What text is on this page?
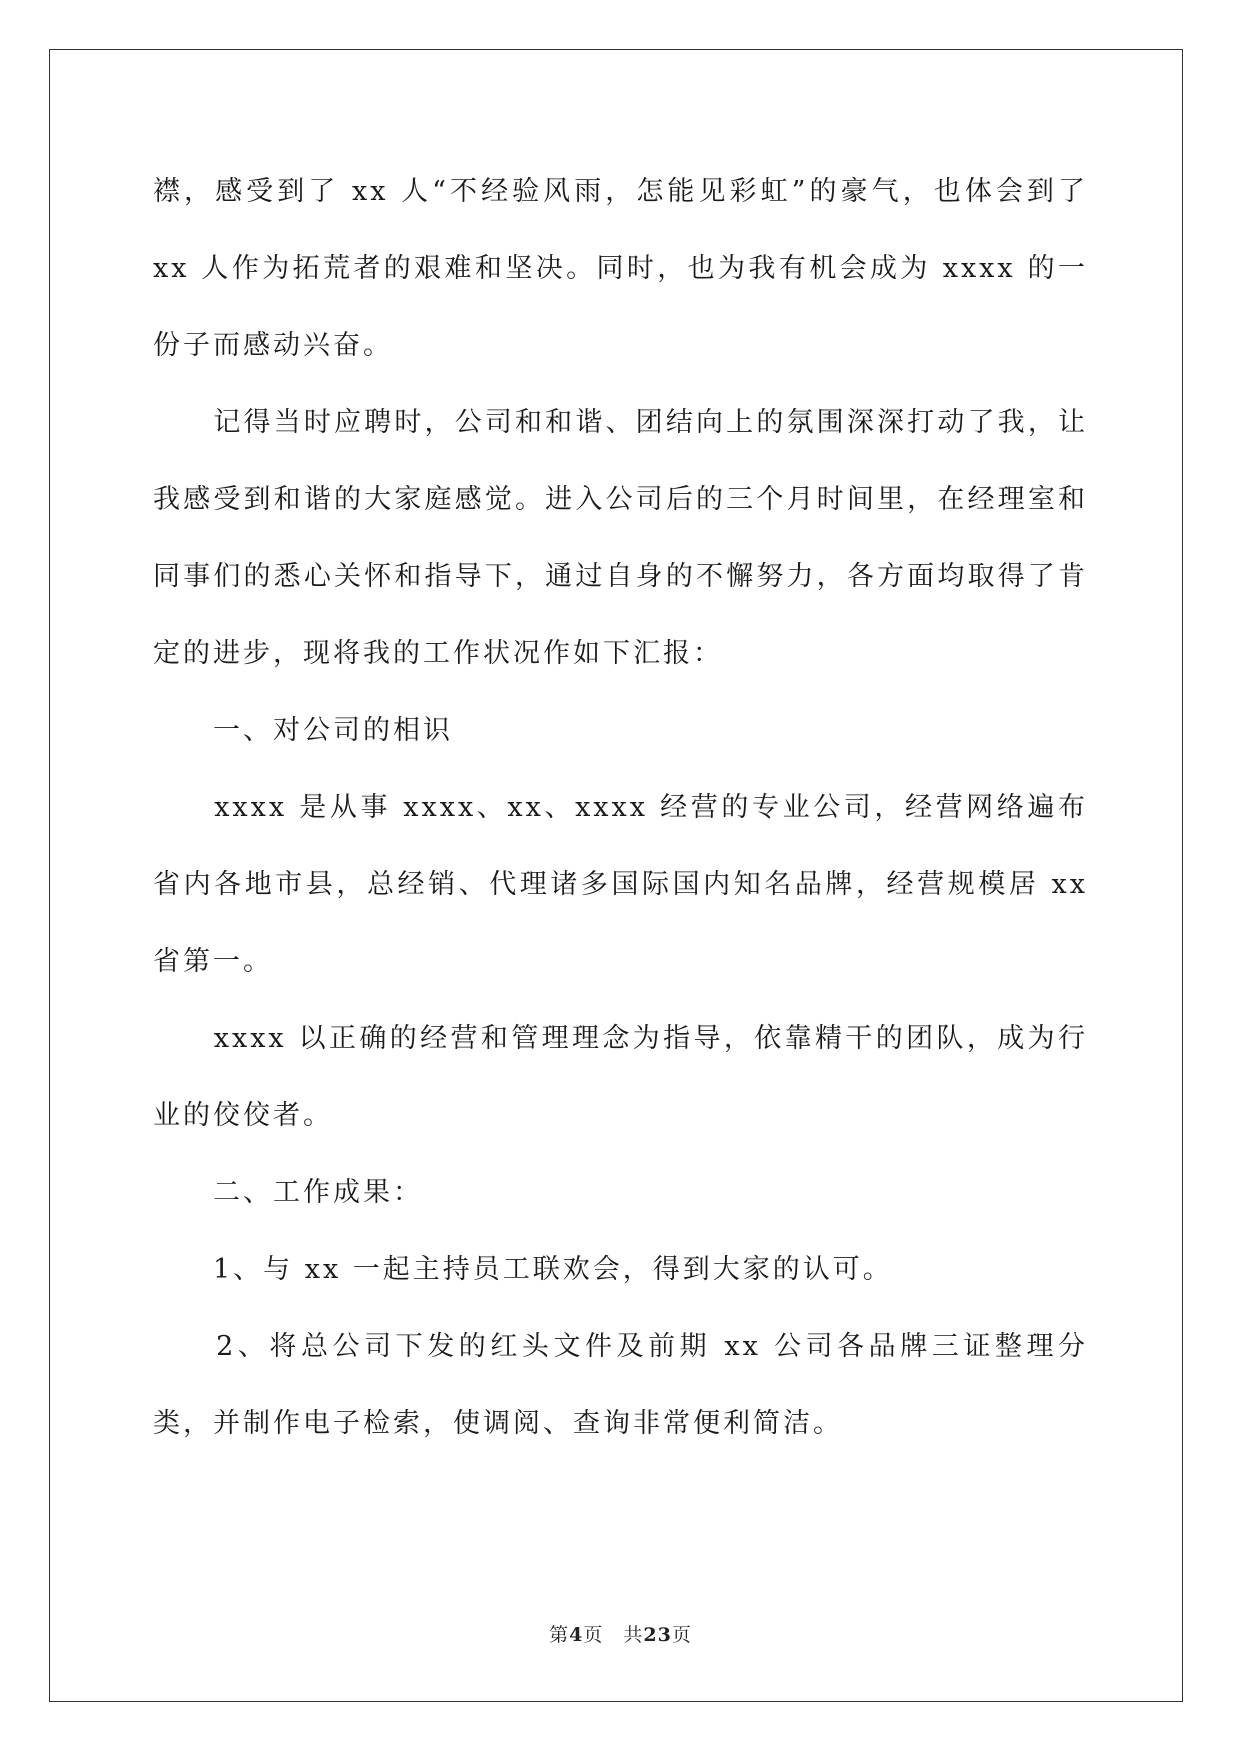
襟，感受到了 xx 人“不经验风雨，怎能见彩虹”的豪气，也体会到了 xx 人作为拓荒者的艰难和坚决。同时，也为我有机会成为 xxxx 的一份子而感动兴奋。

　　记得当时应聘时，公司和和谐、团结向上的氛围深深打动了我，让我感受到和谐的大家庭感觉。进入公司后的三个月时间里，在经理室和同事们的悉心关怀和指导下，通过自身的不懈努力，各方面均取得了肯定的进步，现将我的工作状况作如下汇报：

　　一、对公司的相识

　　xxxx 是从事 xxxx、xx、xxxx 经营的专业公司，经营网络遍布省内各地市县，总经销、代理诸多国际国内知名品牌，经营规模居 xx 省第一。

　　xxxx 以正确的经营和管理理念为指导，依靠精干的团队，成为行业的佼佼者。

　　二、工作成果：

　　1、与 xx 一起主持员工联欢会，得到大家的认可。

　　2、将总公司下发的红头文件及前期 xx 公司各品牌三证整理分类，并制作电子检索，使调阅、查询非常便利简洁。

第4页　共23页
